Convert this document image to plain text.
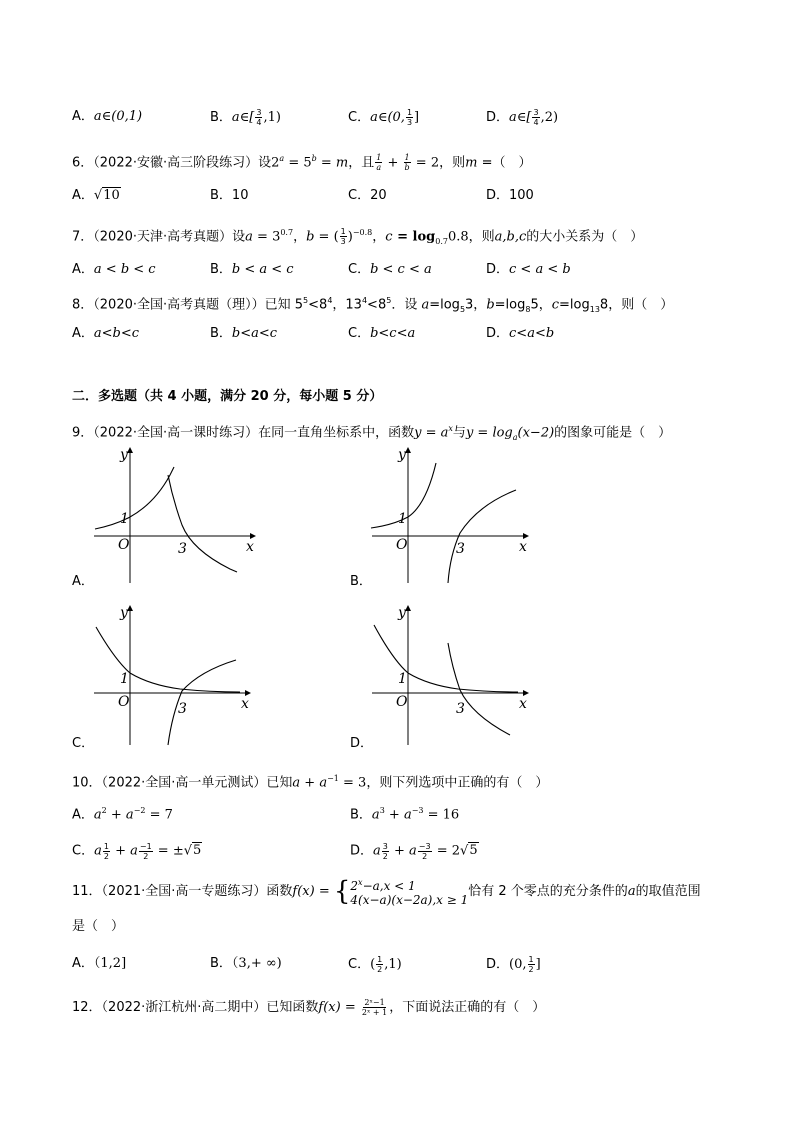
A．a∈(0,1)	B．a∈[ $\frac{3}{4} ,1$)	C．a∈(0, $\frac{1}{3}$ ]	D．a∈[ $\frac{3}{4} ,2$)
6．（2022·安徽·高三阶段练习）设$2^a = 5^b = m$，且 $\frac{1}{a} + \frac{1}{b} = 2$，则m =（　）
A．√10	B．10	C．20	D．100
7．（2020·天津·高考真题）设$a = 3^{0.7}$，b = ( $\frac{1}{3} )^{-0.8}$，$c = \log_{0.7}0.8$，则a,b,c的大小关系为（　）
A．a < b < c	B．b < a < c	C．b < c < a	D．c < a < b
8．（2020·全国·高考真题（理））已知 $5^5<8^4$，$13^4<8^5$．设 $a=\log_53$，$b=\log_85$，$c=\log_{13}8$，则（　）
A．a<b<c	B．b<a<c	C．b<c<a	D．c<a<b
二．多选题（共 4 小题，满分 20 分，每小题 5 分）
9．（2022·全国·高一课时练习）在同一直角坐标系中，函数$y = a^x$与$y = \log_a(x-2)$的图象可能是（　）
y
x
O
1
3
A．
y
x
O
1
3
B．
y
x
O
1
3
C．
y
x
O
1
3
D．
10．（2022·全国·高一单元测试）已知$a + a^{-1} = 3$，则下列选项中正确的有（　）
A．$a^2 + a^{-2} = 7$	B．$a^3 + a^{-3} = 16$
C．a $^{\frac{1}{2}}$ + a $^{\frac{-1}{2}}$ = ±√5	D．a $^{\frac{3}{2}}$ + a $^{\frac{-3}{2}}$ = 2√5
11．（2021·全国·高一专题练习）函数f(x) = { $2^x-a,x < 1$
4(x−a)(x−2a),x ≥ 1
恰有 2 个零点的充分条件的a的取值范围
是（　）
A．（1,2]	B．（3,+ ∞)	C．( $\frac{1}{2} ,1$)	D．(0, $\frac{1}{2}$ ]
12．（2022·浙江杭州·高二期中）已知函数$f(x) = \frac{\text{2ˣ−1}}{\text{2ˣ + 1}}$ ，下面说法正确的有（　）
